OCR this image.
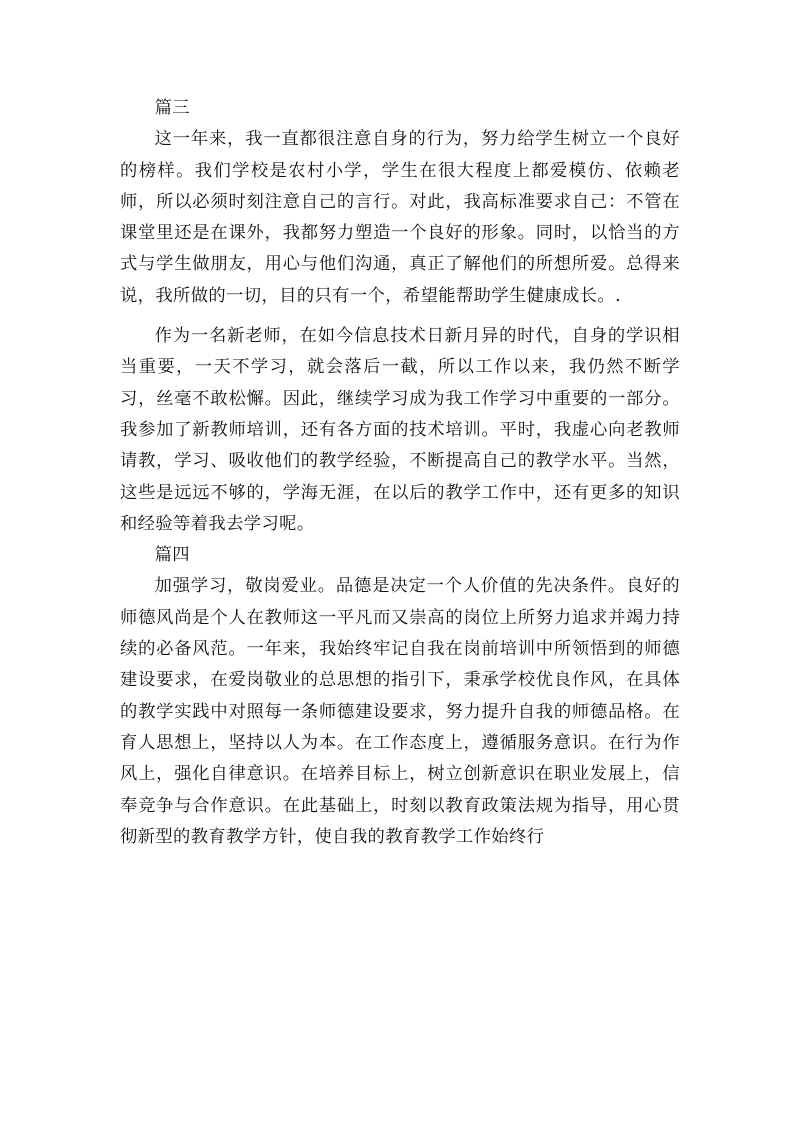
篇三

这一年来，我一直都很注意自身的行为，努力给学生树立一个良好的榜样。我们学校是农村小学，学生在很大程度上都爱模仿、依赖老师，所以必须时刻注意自己的言行。对此，我高标准要求自己：不管在课堂里还是在课外，我都努力塑造一个良好的形象。同时，以恰当的方式与学生做朋友，用心与他们沟通，真正了解他们的所想所爱。总得来说，我所做的一切，目的只有一个，希望能帮助学生健康成长。.

作为一名新老师，在如今信息技术日新月异的时代，自身的学识相当重要，一天不学习，就会落后一截，所以工作以来，我仍然不断学习，丝毫不敢松懈。因此，继续学习成为我工作学习中重要的一部分。我参加了新教师培训，还有各方面的技术培训。平时，我虚心向老教师请教，学习、吸收他们的教学经验，不断提高自己的教学水平。当然，这些是远远不够的，学海无涯，在以后的教学工作中，还有更多的知识和经验等着我去学习呢。

篇四

加强学习，敬岗爱业。品德是决定一个人价值的先决条件。良好的师德风尚是个人在教师这一平凡而又崇高的岗位上所努力追求并竭力持续的必备风范。一年来，我始终牢记自我在岗前培训中所领悟到的师德建设要求，在爱岗敬业的总思想的指引下，秉承学校优良作风，在具体的教学实践中对照每一条师德建设要求，努力提升自我的师德品格。在育人思想上，坚持以人为本。在工作态度上，遵循服务意识。在行为作风上，强化自律意识。在培养目标上，树立创新意识在职业发展上，信奉竞争与合作意识。在此基础上，时刻以教育政策法规为指导，用心贯彻新型的教育教学方针，使自我的教育教学工作始终行
